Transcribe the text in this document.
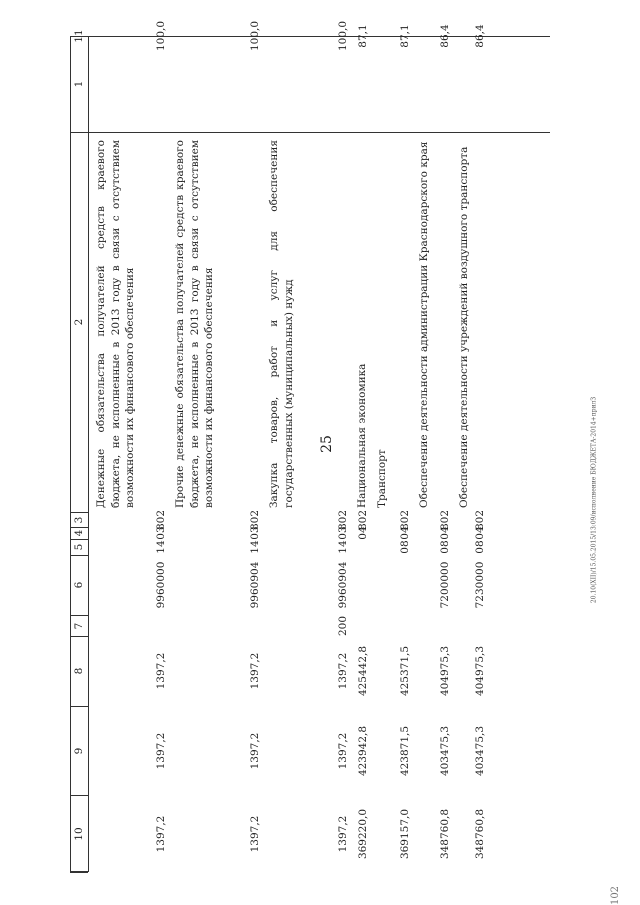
25	20.10(XII)/15.05.2015/13:09/исполнение БЮДЖЕТА-2014+прилЗ
102
1
2
3
4
5
6
7
8
9
10
11
Денежные обязательства получателей средств краевого бюджета, не исполненные в 2013 году в связи с отсутствием возможности их финансового обеспечения
802
03
14
9960000
1397,2
1397,2
1397,2
100,0
Прочие денежные обязательства получателей средств краевого бюджета, не исполненные в 2013 году в связи с отсутствием возможности их финансового обеспечения
802
03
14
9960904
1397,2
1397,2
1397,2
100,0
Закупка товаров, работ и услуг для обеспечения государственных (муниципальных) нужд
802
03
14
9960904
200
1397,2
1397,2
1397,2
100,0
Национальная экономика
802
04
425442,8
423942,8
369220,0
87,1
Транспорт
802
04
08
425371,5
423871,5
369157,0
87,1
Обеспечение деятельности администрации Краснодарского края
802
04
08
7200000
404975,3
403475,3
348760,8
86,4
Обеспечение деятельности учреждений воздушного транспорта
802
04
08
7230000
404975,3
403475,3
348760,8
86,4
